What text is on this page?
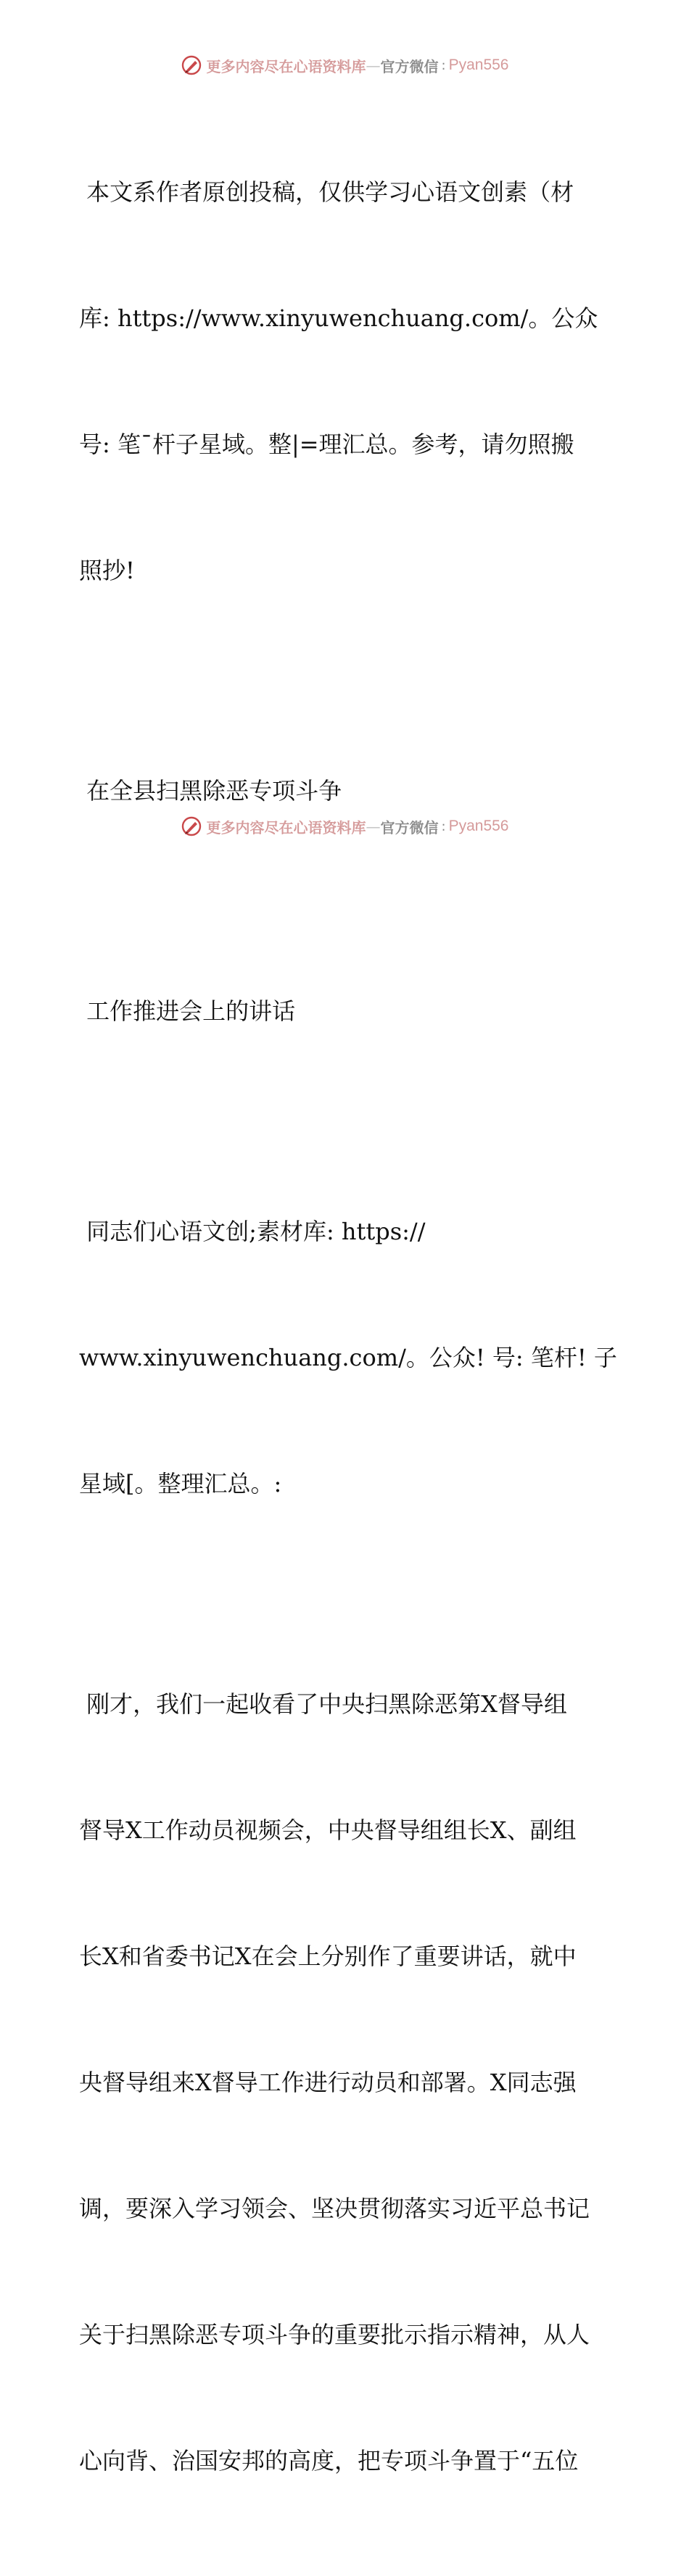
更多内容尽在心语资料库 — 官方微信 : Pyan556

本文系作者原创投稿，仅供学习心语文创素（材

库: https://www.xinyuwenchuang.com/。公众

号: 笔¯杆子星域。整|=理汇总。参考，请勿照搬

照抄!

在全县扫黑除恶专项斗争

工作推进会上的讲话

同志们心语文创;素材库: https://

www.xinyuwenchuang.com/。公众! 号: 笔杆! 子

星域[。整理汇总。:

刚才，我们一起收看了中央扫黑除恶第X督导组

督导X工作动员视频会，中央督导组组长X、副组

长X和省委书记X在会上分别作了重要讲话，就中

央督导组来X督导工作进行动员和部署。X同志强

调，要深入学习领会、坚决贯彻落实习近平总书记

关于扫黑除恶专项斗争的重要批示指示精神，从人

心向背、治国安邦的高度，把专项斗争置于“五位

更多内容尽在心语资料库 — 官方微信 : Pyan556
